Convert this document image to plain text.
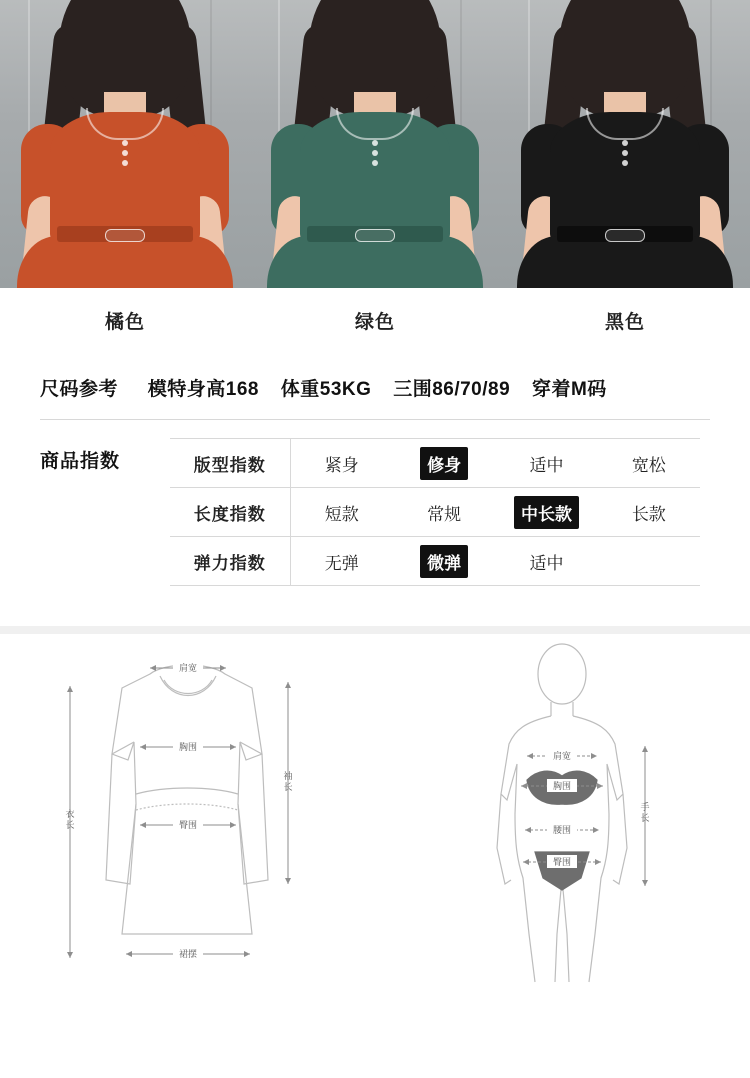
橘色	绿色	黑色
尺码参考 模特身高168 体重53KG 三围86/70/89 穿着M码
商品指数	版型指数	紧身	修身	适中	宽松
长度指数	短款	常规	中长款	长款
弹力指数	无弹	微弹	适中	
肩宽
胸围
臀围
裙摆
衣
长
袖
长
肩宽
胸围
腰围
臀围
手
长
